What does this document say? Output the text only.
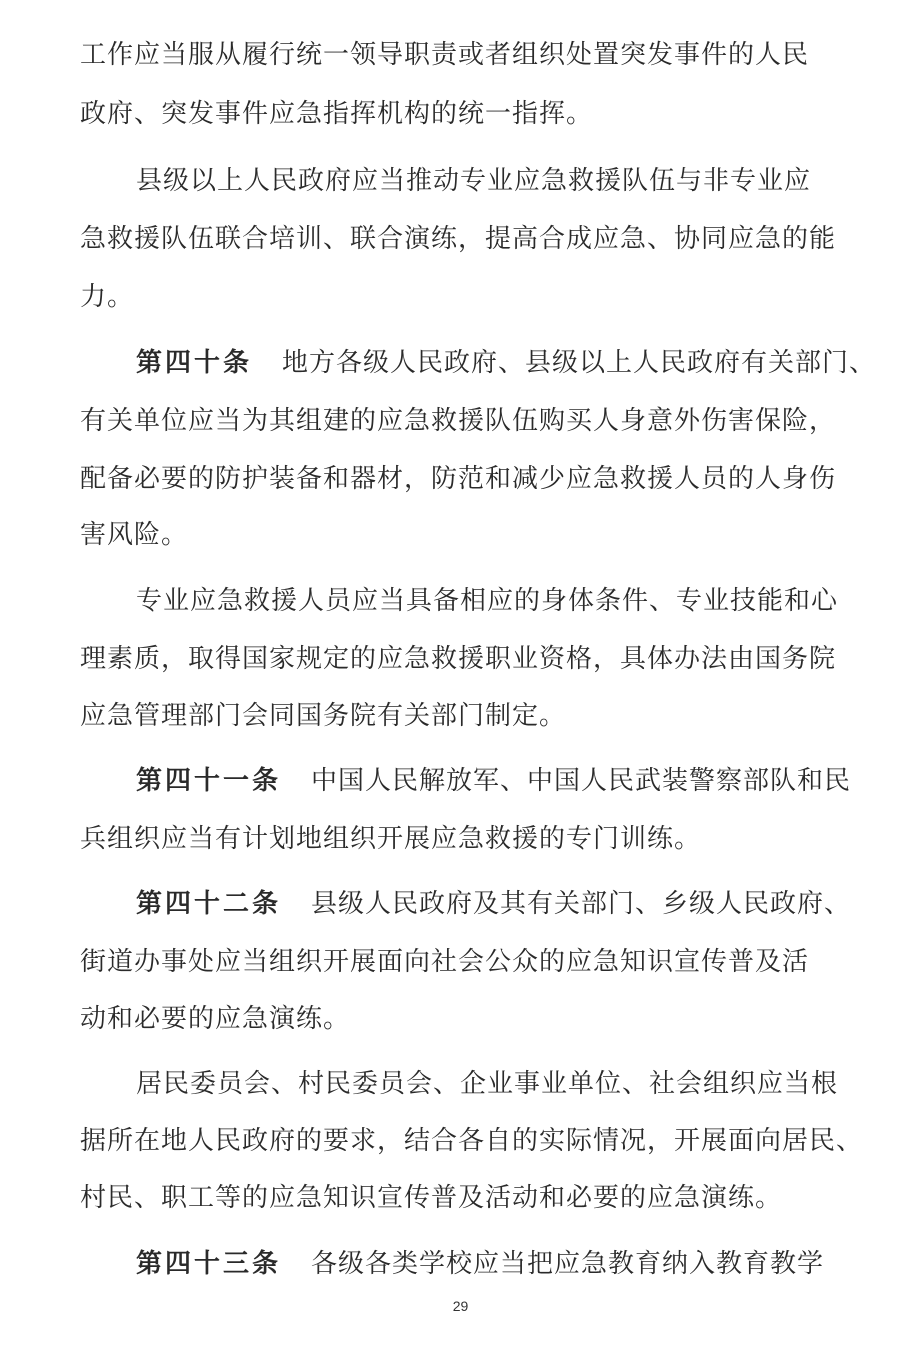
工作应当服从履行统一领导职责或者组织处置突发事件的人民
政府、突发事件应急指挥机构的统一指挥。
县级以上人民政府应当推动专业应急救援队伍与非专业应
急救援队伍联合培训、联合演练，提高合成应急、协同应急的能
力。
第四十条 地方各级人民政府、县级以上人民政府有关部门、
有关单位应当为其组建的应急救援队伍购买人身意外伤害保险，
配备必要的防护装备和器材，防范和减少应急救援人员的人身伤
害风险。
专业应急救援人员应当具备相应的身体条件、专业技能和心
理素质，取得国家规定的应急救援职业资格，具体办法由国务院
应急管理部门会同国务院有关部门制定。
第四十一条 中国人民解放军、中国人民武装警察部队和民
兵组织应当有计划地组织开展应急救援的专门训练。
第四十二条 县级人民政府及其有关部门、乡级人民政府、
街道办事处应当组织开展面向社会公众的应急知识宣传普及活
动和必要的应急演练。
居民委员会、村民委员会、企业事业单位、社会组织应当根
据所在地人民政府的要求，结合各自的实际情况，开展面向居民、
村民、职工等的应急知识宣传普及活动和必要的应急演练。
第四十三条 各级各类学校应当把应急教育纳入教育教学
29
